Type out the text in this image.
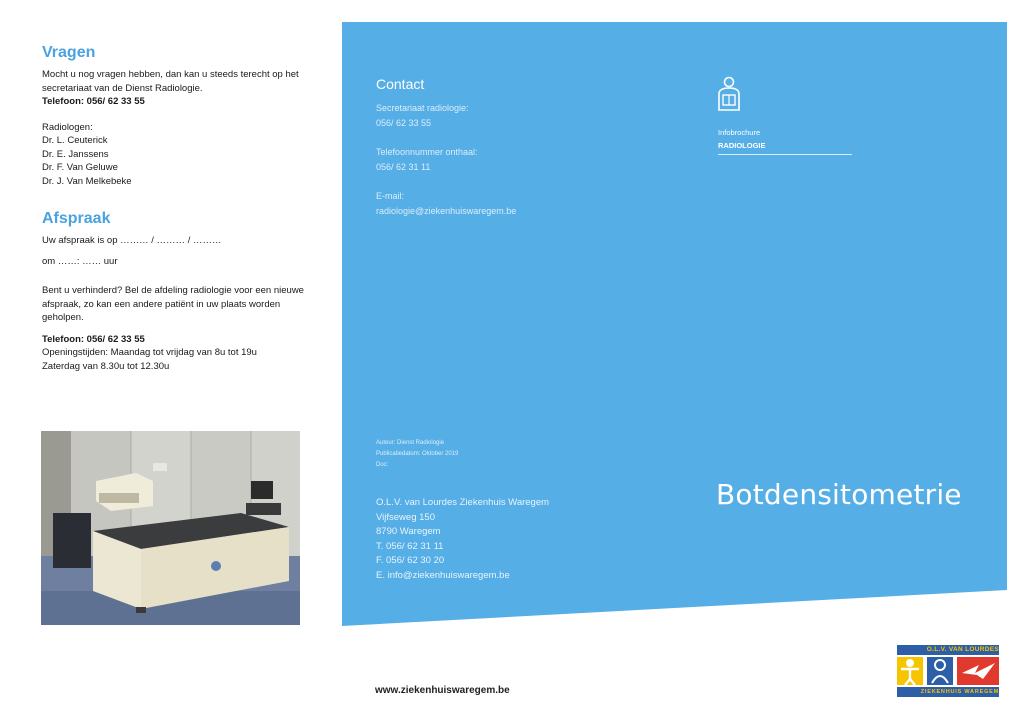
Vragen

Mocht u nog vragen hebben, dan kan u steeds terecht op het secretariaat van de Dienst Radiologie.

Telefoon: 056/ 62 33 55

Radiologen:

Dr. L. Ceuterick

Dr. E. Janssens

Dr. F. Van Geluwe

Dr. J. Van Melkebeke

Afspraak

Uw afspraak is op ……… / ……… / ………

om ……: …… uur

Bent u verhinderd? Bel de afdeling radiologie voor een nieuwe afspraak, zo kan een andere patiënt in uw plaats worden geholpen.

Telefoon: 056/ 62 33 55

Openingstijden: Maandag tot vrijdag van 8u tot 19u

Zaterdag van 8.30u tot 12.30u

Contact
Secretariaat radiologie:
056/ 62 33 55
Telefoonnummer onthaal:
056/ 62 31 11
E-mail:
radiologie@ziekenhuiswaregem.be
Infobrochure
RADIOLOGIE
Auteur: Dienst Radiologie
Publicatiedatum: Oktober 2019
Doc:
O.L.V. van Lourdes Ziekenhuis Waregem
Vijfseweg 150
8790 Waregem
T. 056/ 62 31 11
F. 056/ 62 30 20
E. info@ziekenhuiswaregem.be
Botdensitometrie
www.ziekenhuiswaregem.be
O.L.V. VAN LOURDES
ZIEKENHUIS WAREGEM
